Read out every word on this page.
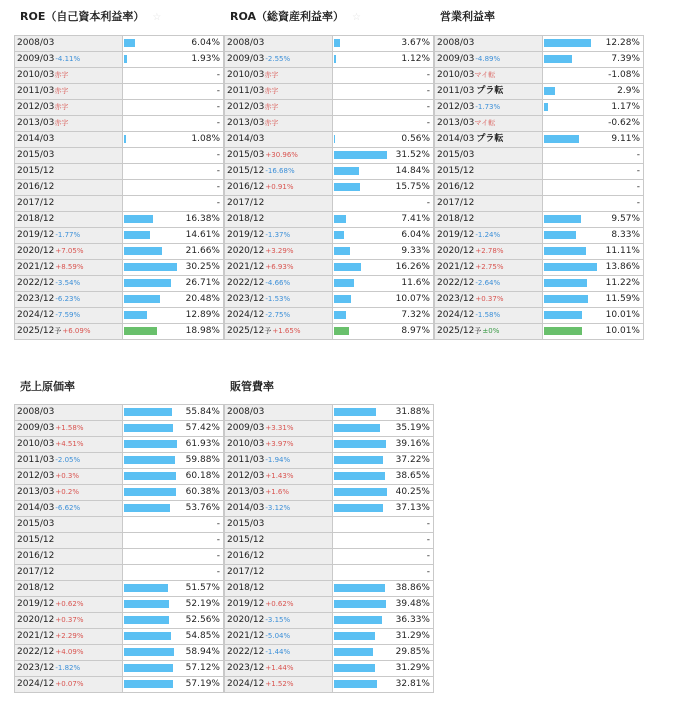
ROE（自己資本利益率） ☆
2008/03	6.04%

2009/03-4.11%	1.93%

2010/03赤字	-

2011/03赤字	-

2012/03赤字	-

2013/03赤字	-

2014/03	1.08%

2015/03	-

2015/12	-

2016/12	-

2017/12	-

2018/12	16.38%

2019/12-1.77%	14.61%

2020/12+7.05%	21.66%

2021/12+8.59%	30.25%

2022/12-3.54%	26.71%

2023/12-6.23%	20.48%

2024/12-7.59%	12.89%

2025/12予+6.09%	18.98%
ROA（総資産利益率） ☆
2008/03	3.67%

2009/03-2.55%	1.12%

2010/03赤字	-

2011/03赤字	-

2012/03赤字	-

2013/03赤字	-

2014/03	0.56%

2015/03+30.96%	31.52%

2015/12-16.68%	14.84%

2016/12+0.91%	15.75%

2017/12	-

2018/12	7.41%

2019/12-1.37%	6.04%

2020/12+3.29%	9.33%

2021/12+6.93%	16.26%

2022/12-4.66%	11.6%

2023/12-1.53%	10.07%

2024/12-2.75%	7.32%

2025/12予+1.65%	8.97%
営業利益率
2008/03	12.28%

2009/03-4.89%	7.39%

2010/03マイ転	-1.08%

2011/03 プラ転	2.9%

2012/03-1.73%	1.17%

2013/03マイ転	-0.62%

2014/03 プラ転	9.11%

2015/03	-

2015/12	-

2016/12	-

2017/12	-

2018/12	9.57%

2019/12-1.24%	8.33%

2020/12+2.78%	11.11%

2021/12+2.75%	13.86%

2022/12-2.64%	11.22%

2023/12+0.37%	11.59%

2024/12-1.58%	10.01%

2025/12予±0%	10.01%
売上原価率
2008/03	55.84%

2009/03+1.58%	57.42%

2010/03+4.51%	61.93%

2011/03-2.05%	59.88%

2012/03+0.3%	60.18%

2013/03+0.2%	60.38%

2014/03-6.62%	53.76%

2015/03	-

2015/12	-

2016/12	-

2017/12	-

2018/12	51.57%

2019/12+0.62%	52.19%

2020/12+0.37%	52.56%

2021/12+2.29%	54.85%

2022/12+4.09%	58.94%

2023/12-1.82%	57.12%

2024/12+0.07%	57.19%
販管費率
2008/03	31.88%

2009/03+3.31%	35.19%

2010/03+3.97%	39.16%

2011/03-1.94%	37.22%

2012/03+1.43%	38.65%

2013/03+1.6%	40.25%

2014/03-3.12%	37.13%

2015/03	-

2015/12	-

2016/12	-

2017/12	-

2018/12	38.86%

2019/12+0.62%	39.48%

2020/12-3.15%	36.33%

2021/12-5.04%	31.29%

2022/12-1.44%	29.85%

2023/12+1.44%	31.29%

2024/12+1.52%	32.81%
